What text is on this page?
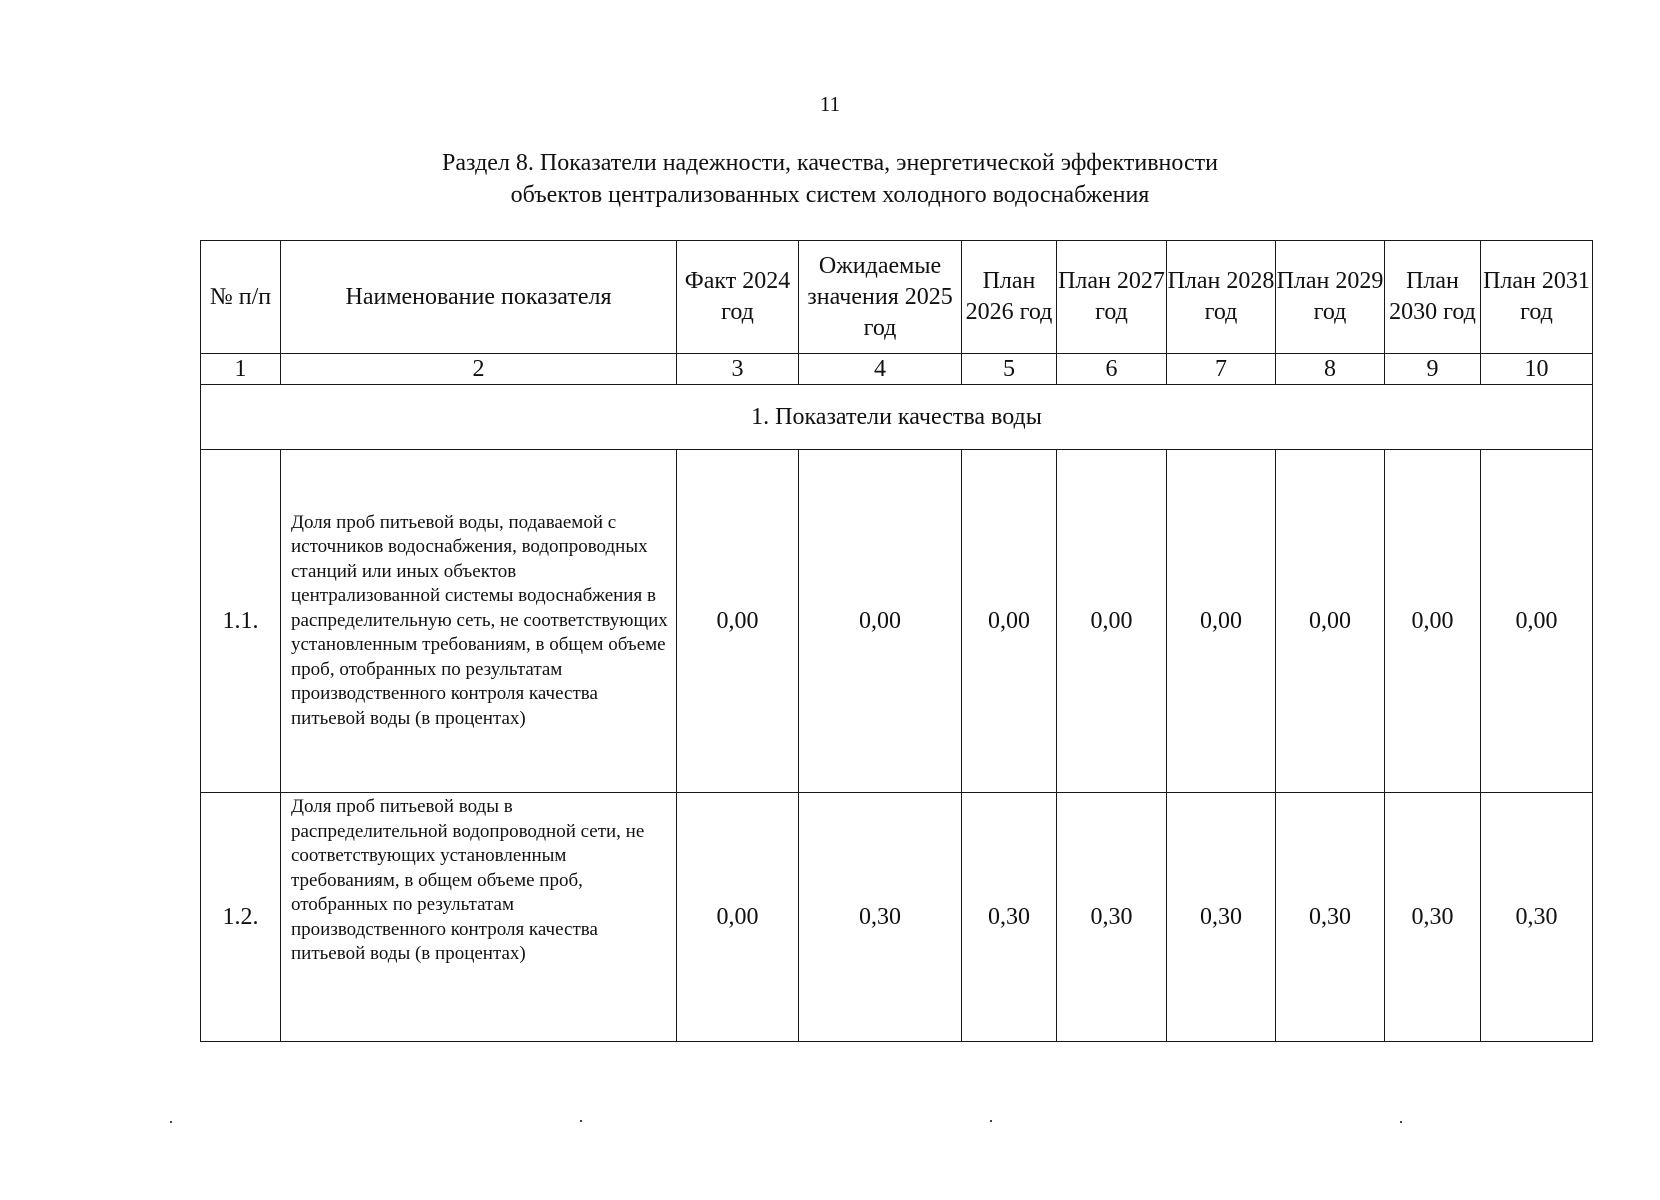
11
Раздел 8. Показатели надежности, качества, энергетической эффективности
объектов централизованных систем холодного водоснабжения
№ п/п	Наименование показателя	Факт 2024 год	Ожидаемые значения 2025 год	План 2026 год	План 2027 год	План 2028 год	План 2029 год	План 2030 год	План 2031 год
1	2	3	4	5	6	7	8	9	10
1. Показатели качества воды									
1.1.	Доля проб питьевой воды, подаваемой с источников водоснабжения, водопроводных станций или иных объектов централизованной системы водоснабжения в распределительную сеть, не соответствующих установленным требованиям, в общем объеме проб, отобранных по результатам производственного контроля качества питьевой воды (в процентах)	0,00	0,00	0,00	0,00	0,00	0,00	0,00	0,00
1.2.	Доля проб питьевой воды в распределительной водопроводной сети, не соответствующих установленным требованиям, в общем объеме проб, отобранных по результатам производственного контроля качества питьевой воды (в процентах)	0,00	0,30	0,30	0,30	0,30	0,30	0,30	0,30
